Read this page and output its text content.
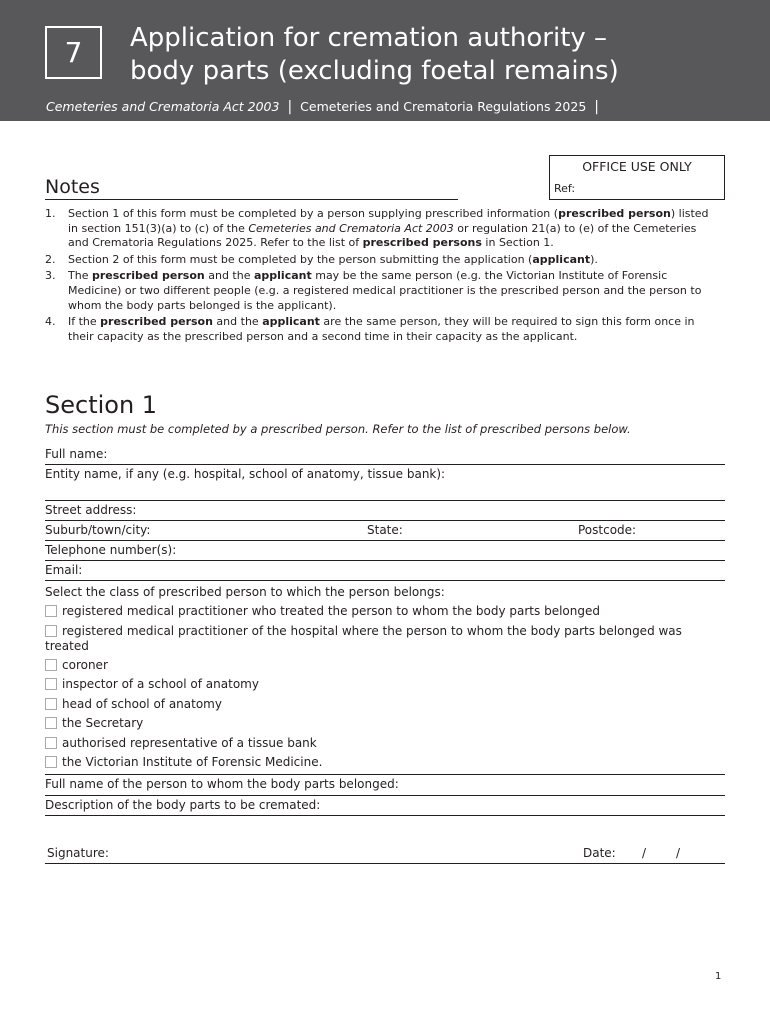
7	Application for cremation authority –
body parts (excluding foetal remains)
Cemeteries and Crematoria Act 2003 | Cemeteries and Crematoria Regulations 2025 |
OFFICE USE ONLY
Ref:
Notes
1. Section 1 of this form must be completed by a person supplying prescribed information (prescribed person) listed in section 151(3)(a) to (c) of the Cemeteries and Crematoria Act 2003 or regulation 21(a) to (e) of the Cemeteries and Crematoria Regulations 2025. Refer to the list of prescribed persons in Section 1.
2. Section 2 of this form must be completed by the person submitting the application (applicant).
3. The prescribed person and the applicant may be the same person (e.g. the Victorian Institute of Forensic Medicine) or two different people (e.g. a registered medical practitioner is the prescribed person and the person to whom the body parts belonged is the applicant).
4. If the prescribed person and the applicant are the same person, they will be required to sign this form once in their capacity as the prescribed person and a second time in their capacity as the applicant.
Section 1
This section must be completed by a prescribed person. Refer to the list of prescribed persons below.
Full name:
Entity name, if any (e.g. hospital, school of anatomy, tissue bank):
Street address:
Suburb/town/city:	State:	Postcode:
Telephone number(s):
Email:
Select the class of prescribed person to which the person belongs:
registered medical practitioner who treated the person to whom the body parts belonged
registered medical practitioner of the hospital where the person to whom the body parts belonged was treated
coroner
inspector of a school of anatomy
head of school of anatomy
the Secretary
authorised representative of a tissue bank
the Victorian Institute of Forensic Medicine.
Full name of the person to whom the body parts belonged:
Description of the body parts to be cremated:
Signature:	Date: / /
1
